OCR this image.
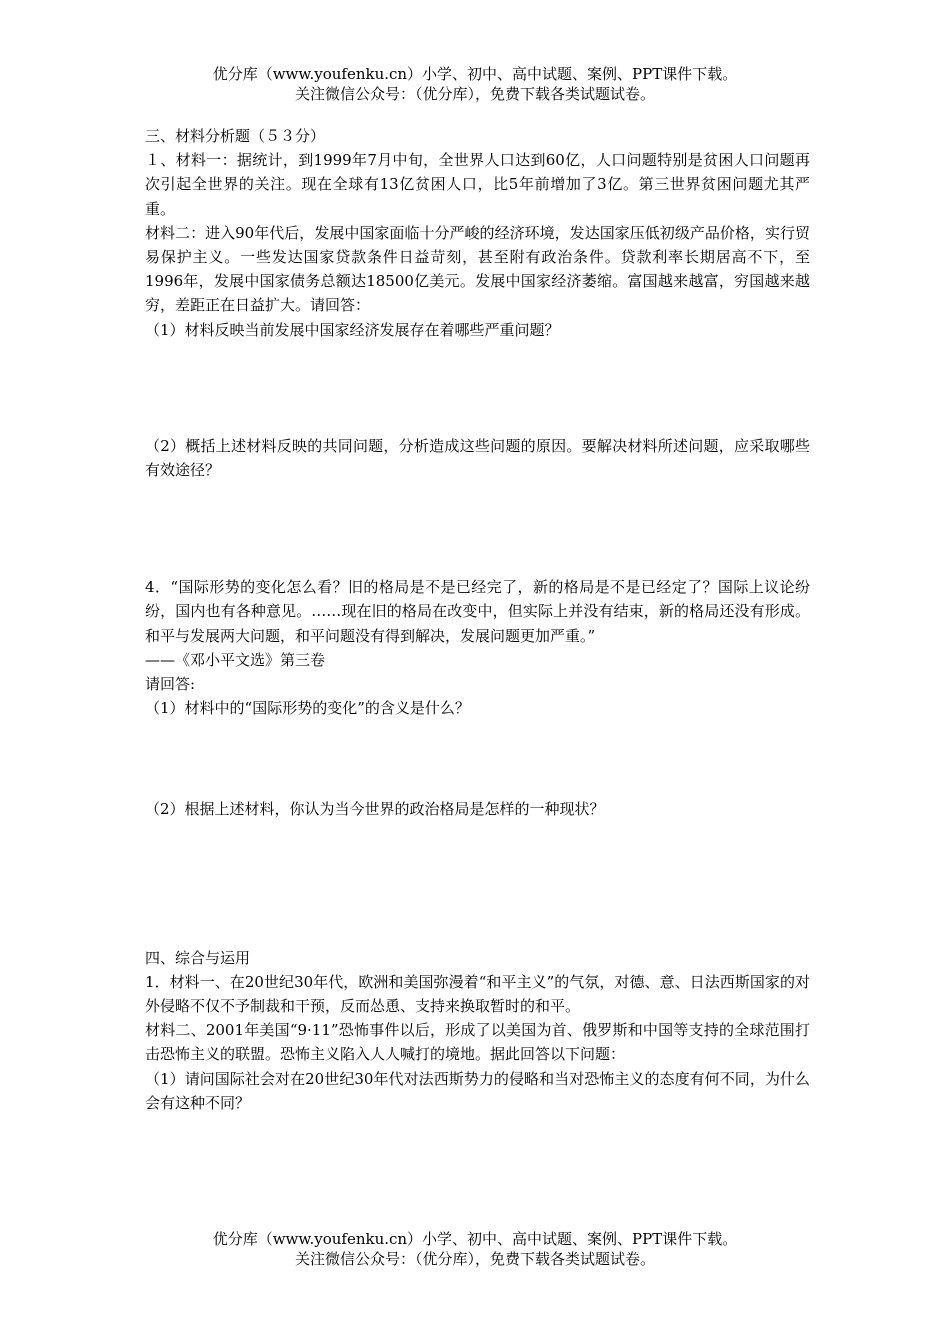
优分库（www.youfenku.cn）小学、初中、高中试题、案例、PPT课件下载。
关注微信公众号：（优分库），免费下载各类试题试卷。

三、材料分析题（５３分）

１、材料一：据统计，到1999年7月中旬，全世界人口达到60亿，人口问题特别是贫困人口问题再次引起全世界的关注。现在全球有13亿贫困人口，比5年前增加了3亿。第三世界贫困问题尤其严重。

材料二：进入90年代后，发展中国家面临十分严峻的经济环境，发达国家压低初级产品价格，实行贸易保护主义。一些发达国家贷款条件日益苛刻，甚至附有政治条件。贷款利率长期居高不下，至1996年，发展中国家债务总额达18500亿美元。发展中国家经济萎缩。富国越来越富，穷国越来越穷，差距正在日益扩大。请回答：

（1）材料反映当前发展中国家经济发展存在着哪些严重问题？

（2）概括上述材料反映的共同问题，分析造成这些问题的原因。要解决材料所述问题，应采取哪些有效途径？

4．“国际形势的变化怎么看？旧的格局是不是已经完了，新的格局是不是已经定了？国际上议论纷纷，国内也有各种意见。……现在旧的格局在改变中，但实际上并没有结束，新的格局还没有形成。和平与发展两大问题，和平问题没有得到解决，发展问题更加严重。”

——《邓小平文选》第三卷

请回答:

（1）材料中的“国际形势的变化”的含义是什么？

（2）根据上述材料，你认为当今世界的政治格局是怎样的一种现状？

四、综合与运用

1．材料一、在20世纪30年代，欧洲和美国弥漫着“和平主义”的气氛，对德、意、日法西斯国家的对外侵略不仅不予制裁和干预，反而怂恿、支持来换取暂时的和平。

材料二、2001年美国“9·11”恐怖事件以后，形成了以美国为首、俄罗斯和中国等支持的全球范围打击恐怖主义的联盟。恐怖主义陷入人人喊打的境地。据此回答以下问题：

（1）请问国际社会对在20世纪30年代对法西斯势力的侵略和当对恐怖主义的态度有何不同，为什么会有这种不同？

优分库（www.youfenku.cn）小学、初中、高中试题、案例、PPT课件下载。
关注微信公众号：（优分库），免费下载各类试题试卷。
